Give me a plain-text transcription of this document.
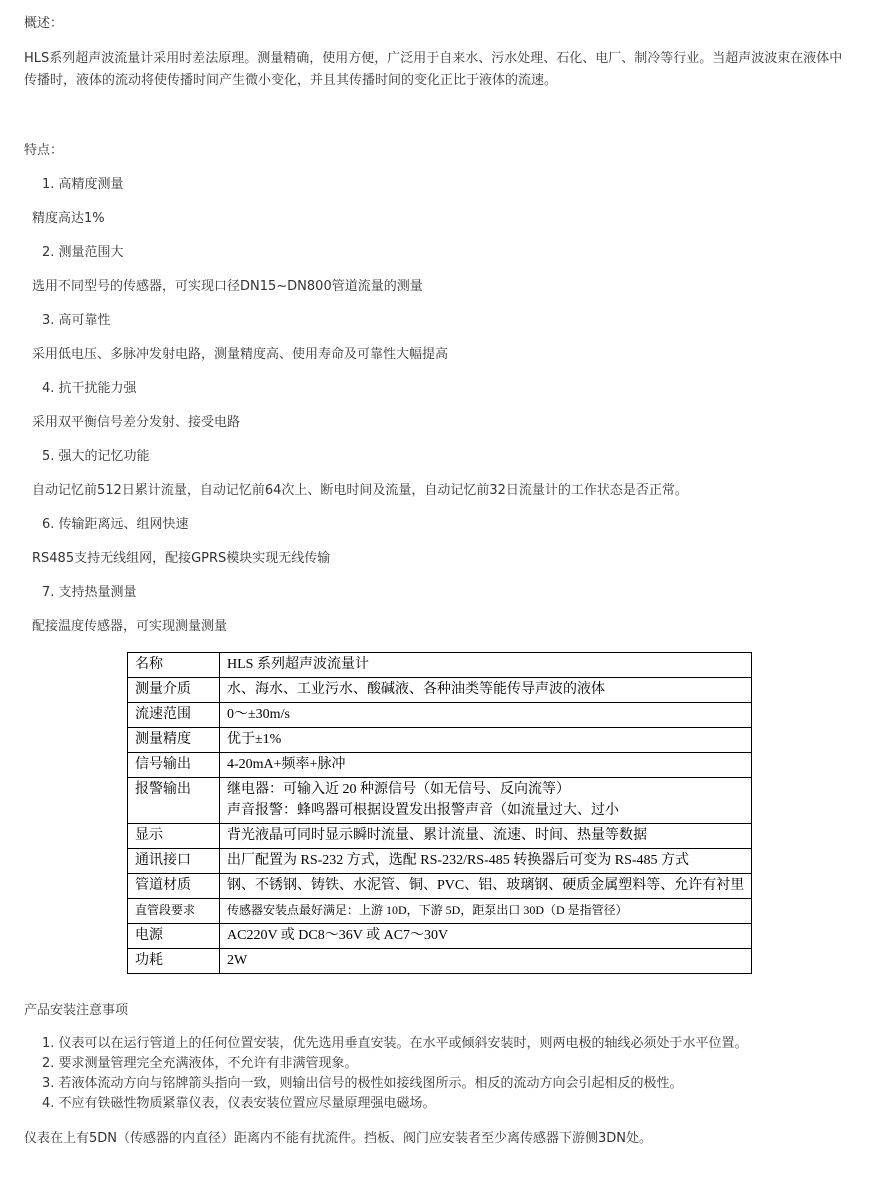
概述：
HLS系列超声波流量计采用时差法原理。测量精确，使用方便，广泛用于自来水、污水处理、石化、电厂、制冷等行业。当超声波波束在液体中传播时，液体的流动将使传播时间产生微小变化，并且其传播时间的变化正比于液体的流速。
特点：
1. 高精度测量
精度高达1%
2. 测量范围大
选用不同型号的传感器，可实现口径DN15~DN800管道流量的测量
3. 高可靠性
采用低电压、多脉冲发射电路，测量精度高、使用寿命及可靠性大幅提高
4. 抗干扰能力强
采用双平衡信号差分发射、接受电路
5. 强大的记忆功能
自动记忆前512日累计流量，自动记忆前64次上、断电时间及流量，自动记忆前32日流量计的工作状态是否正常。
6. 传输距离远、组网快速
RS485支持无线组网，配接GPRS模块实现无线传输
7. 支持热量测量
配接温度传感器，可实现测量测量
名称	HLS 系列超声波流量计
测量介质	水、海水、工业污水、酸碱液、各种油类等能传导声波的液体
流速范围	0～±30m/s
测量精度	优于±1%
信号输出	4-20mA+频率+脉冲
报警输出	继电器：可输入近 20 种源信号（如无信号、反向流等）
声音报警：蜂鸣器可根据设置发出报警声音（如流量过大、过小

显示	背光液晶可同时显示瞬时流量、累计流量、流速、时间、热量等数据
通讯接口	出厂配置为 RS-232 方式，选配 RS-232/RS-485 转换器后可变为 RS-485 方式
管道材质	钢、不锈钢、铸铁、水泥管、铜、PVC、铝、玻璃钢、硬质金属塑料等、允许有衬里
直管段要求	传感器安装点最好满足：上游 10D，下游 5D，距泵出口 30D（D 是指管径）
电源	AC220V 或 DC8～36V 或 AC7～30V
功耗	2W
产品安装注意事项
1. 仪表可以在运行管道上的任何位置安装，优先选用垂直安装。在水平或倾斜安装时，则两电极的轴线必须处于水平位置。
2. 要求测量管理完全充满液体，不允许有非满管现象。
3. 若液体流动方向与铭牌箭头指向一致，则输出信号的极性如接线图所示。相反的流动方向会引起相反的极性。
4. 不应有铁磁性物质紧靠仪表，仪表安装位置应尽量原理强电磁场。
仪表在上有5DN（传感器的内直径）距离内不能有扰流件。挡板、阀门应安装者至少离传感器下游侧3DN处。
